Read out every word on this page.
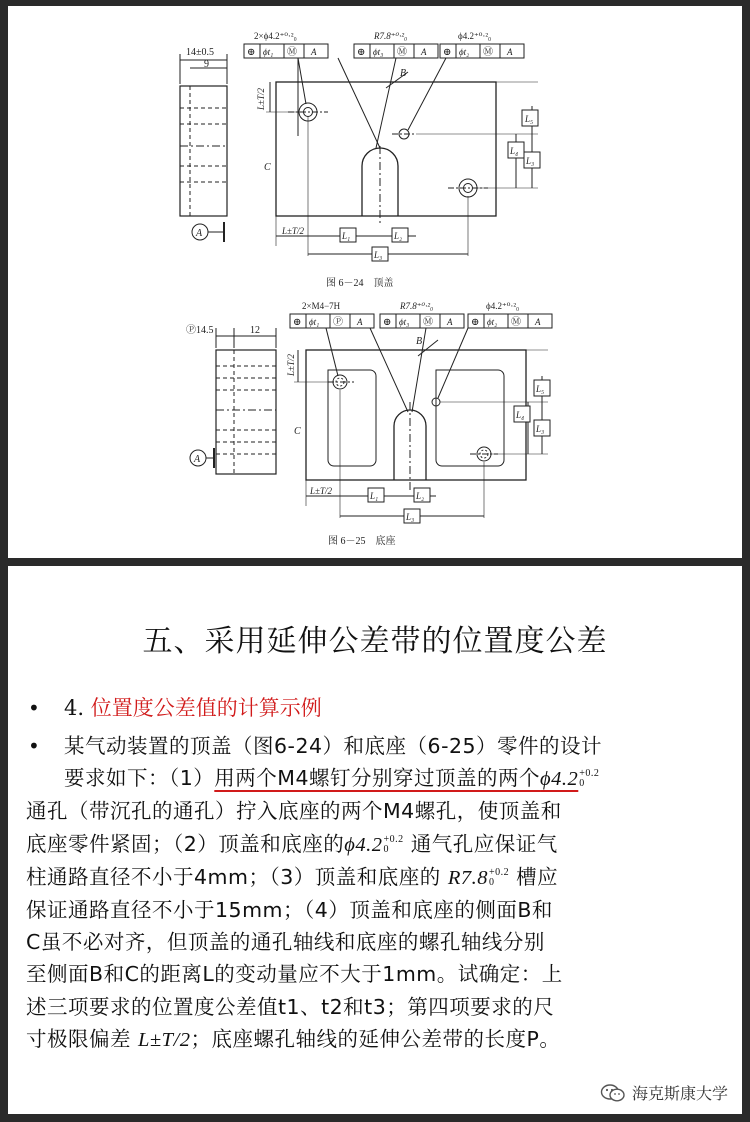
14±0.5
9
A
⊕ ϕt₁ Ⓜ A
2×ϕ4.2⁺⁰·²₀
⊕ ϕt₃ Ⓜ A
R7.8⁺⁰·²₀
⊕ ϕt₂ Ⓜ A
ϕ4.2⁺⁰·²₀
B
C
L±T/2
L₅
L₄
L₃
L±T/2	L₁	L₂
L₃
图 6－24　顶盖
Ⓟ14.5	12
A
⊕ ϕt₁ Ⓟ A
2×M4−7H
⊕ ϕt₃ Ⓜ A
R7.8⁺⁰·²₀
⊕ ϕt₂ Ⓜ A
ϕ4.2⁺⁰·²₀
B
C
L±T/2
L₅
L₄
L₃
L±T/2	L₁	L₂
L₃
图 6－25　底座
五、采用延伸公差带的位置度公差
•	4. 位置度公差值的计算示例
•	某气动装置的顶盖（图6-24）和底座（6-25）零件的设计
要求如下：（1）用两个M4螺钉分别穿过顶盖的两个ϕ4.2 +0.2
0
通孔（带沉孔的通孔）拧入底座的两个M4螺孔，使顶盖和
底座零件紧固；（2）顶盖和底座的ϕ4.2 +0.2
0	通气孔应保证气
柱通路直径不小于4mm；（3）顶盖和底座的 R7.8 +0.2
0	槽应
保证通路直径不小于15mm；（4）顶盖和底座的侧面B和
C虽不必对齐，但顶盖的通孔轴线和底座的螺孔轴线分别
至侧面B和C的距离L的变动量应不大于1mm。试确定：上
述三项要求的位置度公差值t1、t2和t3；第四项要求的尺
寸极限偏差 L±T/2；底座螺孔轴线的延伸公差带的长度P。
海克斯康大学
